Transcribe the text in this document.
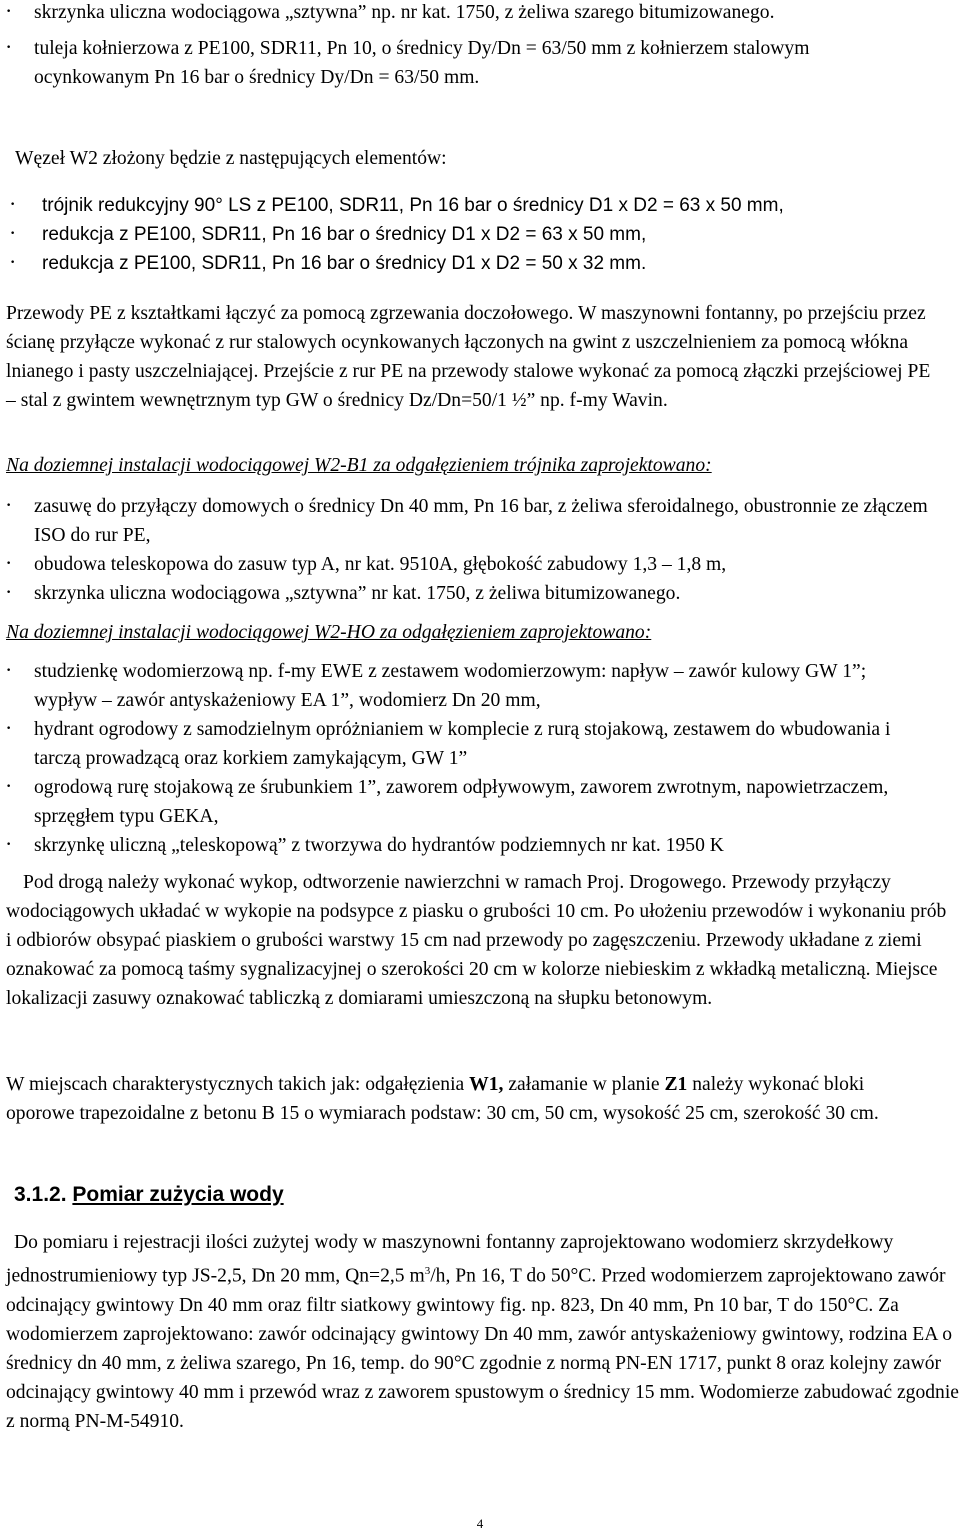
• skrzynka uliczna wodociągowa „sztywna” np. nr kat. 1750, z żeliwa szarego bitumizowanego.
• tuleja kołnierzowa z PE100, SDR11, Pn 10, o średnicy Dy/Dn = 63/50 mm z kołnierzem stalowym ocynkowanym Pn 16 bar o średnicy Dy/Dn = 63/50 mm.
Węzeł W2 złożony będzie z następujących elementów:
• trójnik redukcyjny 90° LS z PE100, SDR11, Pn 16 bar o średnicy D1 x D2 = 63 x 50 mm,
• redukcja z PE100, SDR11, Pn 16 bar o średnicy D1 x D2 = 63 x 50 mm,
• redukcja z PE100, SDR11, Pn 16 bar o średnicy D1 x D2 = 50 x 32 mm.

Przewody PE z kształtkami łączyć za pomocą zgrzewania doczołowego. W maszynowni fontanny, po przejściu przez ścianę przyłącze wykonać z rur stalowych ocynkowanych łączonych na gwint z uszczelnieniem za pomocą włókna lnianego i pasty uszczelniającej. Przejście z rur PE na przewody stalowe wykonać za pomocą złączki przejściowej PE – stal z gwintem wewnętrznym typ GW o średnicy Dz/Dn=50/1 ½” np. f-my Wavin.

Na doziemnej instalacji wodociągowej W2-B1 za odgałęzieniem trójnika zaprojektowano:
• zasuwę do przyłączy domowych o średnicy Dn 40 mm, Pn 16 bar, z żeliwa sferoidalnego, obustronnie ze złączem ISO do rur PE,
• obudowa teleskopowa do zasuw typ A, nr kat. 9510A, głębokość zabudowy 1,3 – 1,8 m,
• skrzynka uliczna wodociągowa „sztywna” nr kat. 1750, z żeliwa bitumizowanego.
Na doziemnej instalacji wodociągowej W2-HO za odgałęzieniem zaprojektowano:
• studzienkę wodomierzową np. f-my EWE z zestawem wodomierzowym: napływ – zawór kulowy GW 1”; wypływ – zawór antyskażeniowy EA 1”, wodomierz Dn 20 mm,
• hydrant ogrodowy z samodzielnym opróżnianiem w komplecie z rurą stojakową, zestawem do wbudowania i tarczą prowadzącą oraz korkiem zamykającym, GW 1”
• ogrodową rurę stojakową ze śrubunkiem 1”, zaworem odpływowym, zaworem zwrotnym, napowietrzaczem, sprzęgłem typu GEKA,
• skrzynkę uliczną „teleskopową” z tworzywa do hydrantów podziemnych nr kat. 1950 K

Pod drogą należy wykonać wykop, odtworzenie nawierzchni w ramach Proj. Drogowego. Przewody przyłączy wodociągowych układać w wykopie na podsypce z piasku o grubości 10 cm. Po ułożeniu przewodów i wykonaniu prób i odbiorów obsypać piaskiem o grubości warstwy 15 cm nad przewody po zagęszczeniu. Przewody układane z ziemi oznakować za pomocą taśmy sygnalizacyjnej o szerokości 20 cm w kolorze niebieskim z wkładką metaliczną. Miejsce lokalizacji zasuwy oznakować tabliczką z domiarami umieszczoną na słupku betonowym.

W miejscach charakterystycznych takich jak: odgałęzienia W1, załamanie w planie Z1 należy wykonać bloki oporowe trapezoidalne z betonu B 15 o wymiarach podstaw: 30 cm, 50 cm, wysokość 25 cm, szerokość 30 cm.

3.1.2. Pomiar zużycia wody

Do pomiaru i rejestracji ilości zużytej wody w maszynowni fontanny zaprojektowano wodomierz skrzydełkowy jednostrumieniowy typ JS-2,5, Dn 20 mm, Qn=2,5 $m^3/h$, Pn 16, T do 50°C. Przed wodomierzem zaprojektowano zawór odcinający gwintowy Dn 40 mm oraz filtr siatkowy gwintowy fig. np. 823, Dn 40 mm, Pn 10 bar, T do 150°C. Za wodomierzem zaprojektowano: zawór odcinający gwintowy Dn 40 mm, zawór antyskażeniowy gwintowy, rodzina EA o średnicy dn 40 mm, z żeliwa szarego, Pn 16, temp. do 90°C zgodnie z normą PN-EN 1717, punkt 8 oraz kolejny zawór odcinający gwintowy 40 mm i przewód wraz z zaworem spustowym o średnicy 15 mm. Wodomierze zabudować zgodnie z normą PN-M-54910.

4
